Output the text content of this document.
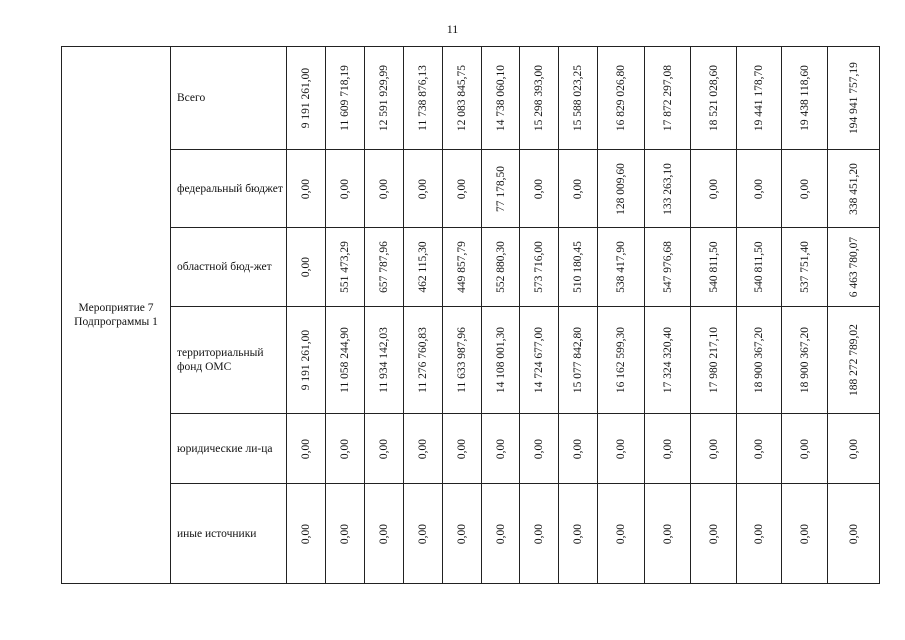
11
Мероприятие 7 Подпрограммы 1	Всего	9 191 261,00	11 609 718,19	12 591 929,99	11 738 876,13	12 083 845,75	14 738 060,10	15 298 393,00	15 588 023,25	16 829 026,80	17 872 297,08	18 521 028,60	19 441 178,70	19 438 118,60	194 941 757,19

	федеральный бюджет	0,00	0,00	0,00	0,00	0,00	77 178,50	0,00	0,00	128 009,60	133 263,10	0,00	0,00	0,00	338 451,20

	областной бюд-жет	0,00	551 473,29	657 787,96	462 115,30	449 857,79	552 880,30	573 716,00	510 180,45	538 417,90	547 976,68	540 811,50	540 811,50	537 751,40	6 463 780,07

	территориальный фонд ОМС	9 191 261,00	11 058 244,90	11 934 142,03	11 276 760,83	11 633 987,96	14 108 001,30	14 724 677,00	15 077 842,80	16 162 599,30	17 324 320,40	17 980 217,10	18 900 367,20	18 900 367,20	188 272 789,02

	юридические ли-ца	0,00	0,00	0,00	0,00	0,00	0,00	0,00	0,00	0,00	0,00	0,00	0,00	0,00	0,00

	иные источники	0,00	0,00	0,00	0,00	0,00	0,00	0,00	0,00	0,00	0,00	0,00	0,00	0,00	0,00
